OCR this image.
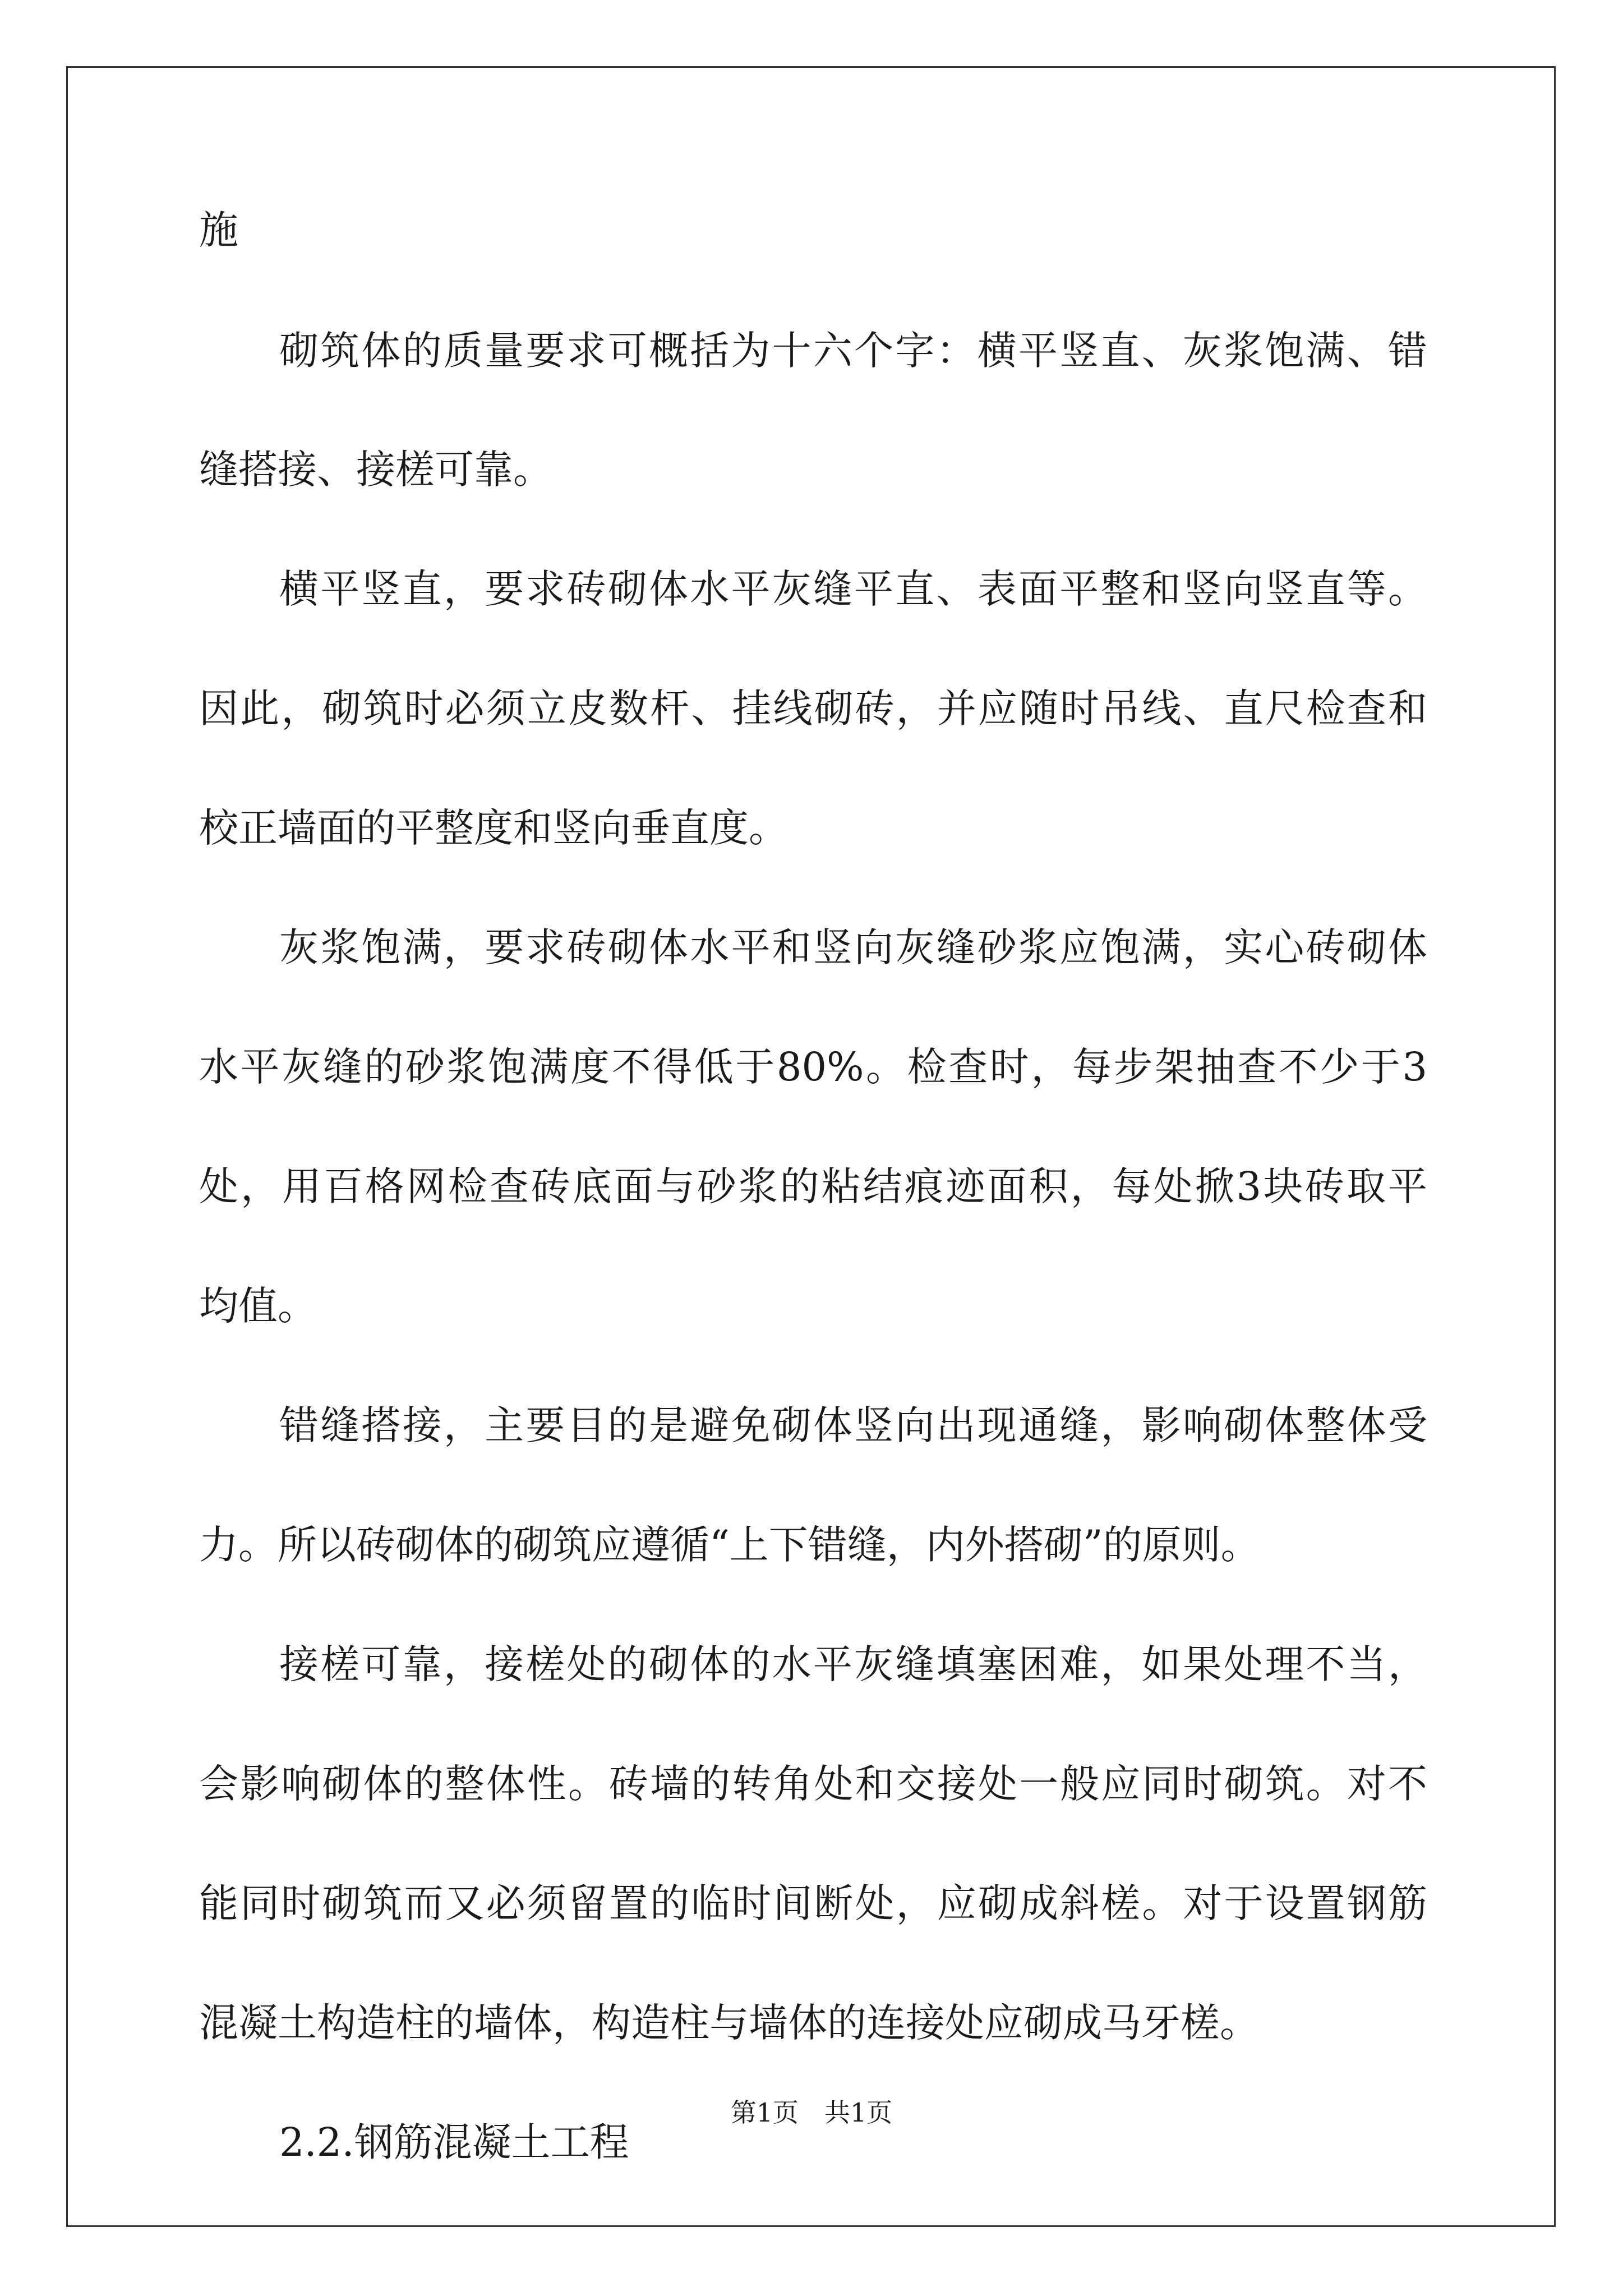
施
砌筑体的质量要求可概括为十六个字：横平竖直、灰浆饱满、错
缝搭接、接槎可靠。
横平竖直，要求砖砌体水平灰缝平直、表面平整和竖向竖直等。
因此，砌筑时必须立皮数杆、挂线砌砖，并应随时吊线、直尺检查和
校正墙面的平整度和竖向垂直度。
灰浆饱满，要求砖砌体水平和竖向灰缝砂浆应饱满，实心砖砌体
水平灰缝的砂浆饱满度不得低于80%。检查时，每步架抽查不少于3
处，用百格网检查砖底面与砂浆的粘结痕迹面积，每处掀3块砖取平
均值。
错缝搭接，主要目的是避免砌体竖向出现通缝，影响砌体整体受
力。所以砖砌体的砌筑应遵循“上下错缝，内外搭砌”的原则。
接槎可靠，接槎处的砌体的水平灰缝填塞困难，如果处理不当，
会影响砌体的整体性。砖墙的转角处和交接处一般应同时砌筑。对不
能同时砌筑而又必须留置的临时间断处，应砌成斜槎。对于设置钢筋
混凝土构造柱的墙体，构造柱与墙体的连接处应砌成马牙槎。
2.2.钢筋混凝土工程
第1页　共1页
